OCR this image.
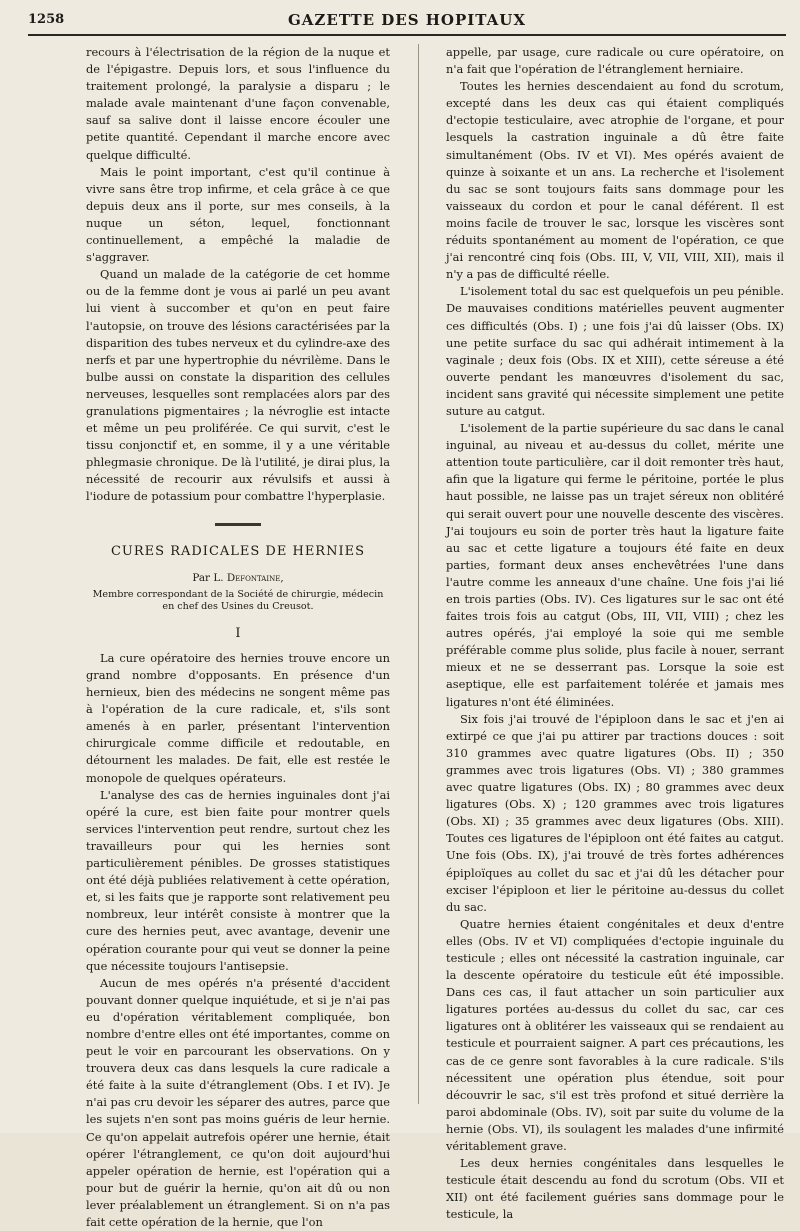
1258	GAZETTE DES HOPITAUX

recours à l'électrisation de la région de la nuque et de l'épigastre. Depuis lors, et sous l'influence du traitement prolongé, la paralysie a disparu ; le malade avale maintenant d'une façon convenable, sauf sa salive dont il laisse encore écouler une petite quantité. Cependant il marche encore avec quelque difficulté.

Mais le point important, c'est qu'il continue à vivre sans être trop infirme, et cela grâce à ce que depuis deux ans il porte, sur mes conseils, à la nuque un séton, lequel, fonctionnant continuellement, a empêché la maladie de s'aggraver.

Quand un malade de la catégorie de cet homme ou de la femme dont je vous ai parlé un peu avant lui vient à succomber et qu'on en peut faire l'autopsie, on trouve des lésions caractérisées par la disparition des tubes nerveux et du cylindre-axe des nerfs et par une hypertrophie du névrilème. Dans le bulbe aussi on constate la disparition des cellules nerveuses, lesquelles sont remplacées alors par des granulations pigmentaires ; la névroglie est intacte et même un peu proliférée. Ce qui survit, c'est le tissu conjonctif et, en somme, il y a une véritable phlegmasie chronique. De là l'utilité, je dirai plus, la nécessité de recourir aux révulsifs et aussi à l'iodure de potassium pour combattre l'hyperplasie.

CURES RADICALES DE HERNIES
Par L. Defontaine,
Membre correspondant de la Société de chirurgie, médecin en chef des Usines du Creusot.
I

La cure opératoire des hernies trouve encore un grand nombre d'opposants. En présence d'un hernieux, bien des médecins ne songent même pas à l'opération de la cure radicale, et, s'ils sont amenés à en parler, présentant l'intervention chirurgicale comme difficile et redoutable, en détournent les malades. De fait, elle est restée le monopole de quelques opérateurs.

L'analyse des cas de hernies inguinales dont j'ai opéré la cure, est bien faite pour montrer quels services l'intervention peut rendre, surtout chez les travailleurs pour qui les hernies sont particulièrement pénibles. De grosses statistiques ont été déjà publiées relativement à cette opération, et, si les faits que je rapporte sont relativement peu nombreux, leur intérêt consiste à montrer que la cure des hernies peut, avec avantage, devenir une opération courante pour qui veut se donner la peine que nécessite toujours l'antisepsie.

Aucun de mes opérés n'a présenté d'accident pouvant donner quelque inquiétude, et si je n'ai pas eu d'opération véritablement compliquée, bon nombre d'entre elles ont été importantes, comme on peut le voir en parcourant les observations. On y trouvera deux cas dans lesquels la cure radicale a été faite à la suite d'étranglement (Obs. I et IV). Je n'ai pas cru devoir les séparer des autres, parce que les sujets n'en sont pas moins guéris de leur hernie. Ce qu'on appelait autrefois opérer une hernie, était opérer l'étranglement, ce qu'on doit aujourd'hui appeler opération de hernie, est l'opération qui a pour but de guérir la hernie, qu'on ait dû ou non lever préalablement un étranglement. Si on n'a pas fait cette opération de la hernie, que l'on

appelle, par usage, cure radicale ou cure opératoire, on n'a fait que l'opération de l'étranglement herniaire.

Toutes les hernies descendaient au fond du scrotum, excepté dans les deux cas qui étaient compliqués d'ectopie testiculaire, avec atrophie de l'organe, et pour lesquels la castration inguinale a dû être faite simultanément (Obs. IV et VI). Mes opérés avaient de quinze à soixante et un ans. La recherche et l'isolement du sac se sont toujours faits sans dommage pour les vaisseaux du cordon et pour le canal déférent. Il est moins facile de trouver le sac, lorsque les viscères sont réduits spontanément au moment de l'opération, ce que j'ai rencontré cinq fois (Obs. III, V, VII, VIII, XII), mais il n'y a pas de difficulté réelle.

L'isolement total du sac est quelquefois un peu pénible. De mauvaises conditions matérielles peuvent augmenter ces difficultés (Obs. I) ; une fois j'ai dû laisser (Obs. IX) une petite surface du sac qui adhérait intimement à la vaginale ; deux fois (Obs. IX et XIII), cette séreuse a été ouverte pendant les manœuvres d'isolement du sac, incident sans gravité qui nécessite simplement une petite suture au catgut.

L'isolement de la partie supérieure du sac dans le canal inguinal, au niveau et au-dessus du collet, mérite une attention toute particulière, car il doit remonter très haut, afin que la ligature qui ferme le péritoine, portée le plus haut possible, ne laisse pas un trajet séreux non oblitéré qui serait ouvert pour une nouvelle descente des viscères. J'ai toujours eu soin de porter très haut la ligature faite au sac et cette ligature a toujours été faite en deux parties, formant deux anses enchevêtrées l'une dans l'autre comme les anneaux d'une chaîne. Une fois j'ai lié en trois parties (Obs. IV). Ces ligatures sur le sac ont été faites trois fois au catgut (Obs, III, VII, VIII) ; chez les autres opérés, j'ai employé la soie qui me semble préférable comme plus solide, plus facile à nouer, serrant mieux et ne se desserrant pas. Lorsque la soie est aseptique, elle est parfaitement tolérée et jamais mes ligatures n'ont été éliminées.

Six fois j'ai trouvé de l'épiploon dans le sac et j'en ai extirpé ce que j'ai pu attirer par tractions douces : soit 310 grammes avec quatre ligatures (Obs. II) ; 350 grammes avec trois ligatures (Obs. VI) ; 380 grammes avec quatre ligatures (Obs. IX) ; 80 grammes avec deux ligatures (Obs. X) ; 120 grammes avec trois ligatures (Obs. XI) ; 35 grammes avec deux ligatures (Obs. XIII). Toutes ces ligatures de l'épiploon ont été faites au catgut. Une fois (Obs. IX), j'ai trouvé de très fortes adhérences épiploïques au collet du sac et j'ai dû les détacher pour exciser l'épiploon et lier le péritoine au-dessus du collet du sac.

Quatre hernies étaient congénitales et deux d'entre elles (Obs. IV et VI) compliquées d'ectopie inguinale du testicule ; elles ont nécessité la castration inguinale, car la descente opératoire du testicule eût été impossible. Dans ces cas, il faut attacher un soin particulier aux ligatures portées au-dessus du collet du sac, car ces ligatures ont à oblitérer les vaisseaux qui se rendaient au testicule et pourraient saigner. A part ces précautions, les cas de ce genre sont favorables à la cure radicale. S'ils nécessitent une opération plus étendue, soit pour découvrir le sac, s'il est très profond et situé derrière la paroi abdominale (Obs. IV), soit par suite du volume de la hernie (Obs. VI), ils soulagent les malades d'une infirmité véritablement grave.

Les deux hernies congénitales dans lesquelles le testicule était descendu au fond du scrotum (Obs. VII et XII) ont été facilement guéries sans dommage pour le testicule, la
